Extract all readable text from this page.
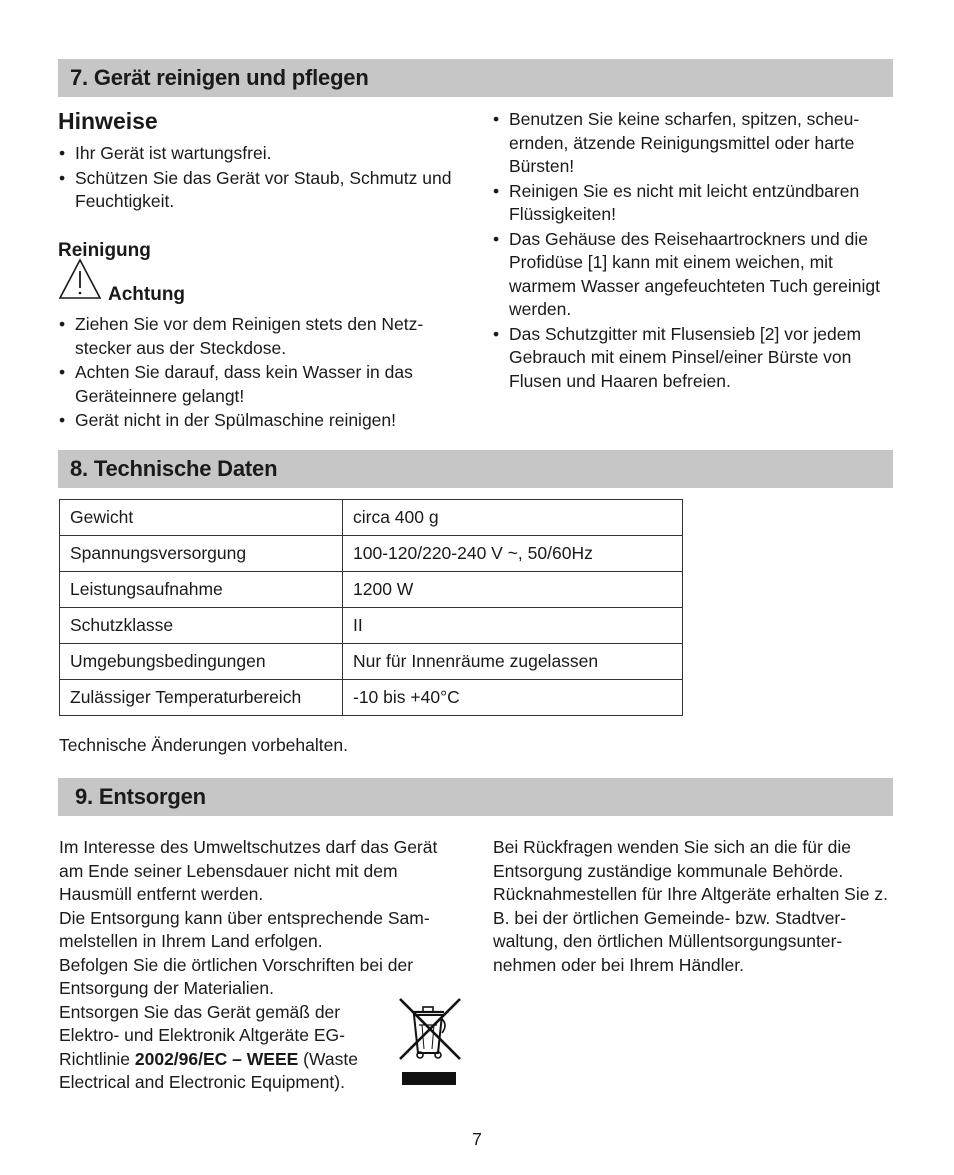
7. Gerät reinigen und pflegen
Hinweise
• Ihr Gerät ist wartungsfrei.
• Schützen Sie das Gerät vor Staub, Schmutz und Feuchtigkeit.
Reinigung
Achtung
• Ziehen Sie vor dem Reinigen stets den Netzstecker aus der Steckdose.
• Achten Sie darauf, dass kein Wasser in das Geräteinnere gelangt!
• Gerät nicht in der Spülmaschine reinigen!
• Benutzen Sie keine scharfen, spitzen, scheuernden, ätzende Reinigungsmittel oder harte Bürsten!
• Reinigen Sie es nicht mit leicht entzündbaren Flüssigkeiten!
• Das Gehäuse des Reisehaartrockners und die Profidüse [1] kann mit einem weichen, mit warmem Wasser angefeuchteten Tuch gereinigt werden.
• Das Schutzgitter mit Flusensieb [2] vor jedem Gebrauch mit einem Pinsel/einer Bürste von Flusen und Haaren befreien.
8. Technische Daten
Gewicht	circa 400 g
Spannungsversorgung	100-120/220-240 V ~, 50/60Hz
Leistungsaufnahme	1200 W
Schutzklasse	II
Umgebungsbedingungen	Nur für Innenräume zugelassen
Zulässiger Temperaturbereich	-10 bis +40°C
Technische Änderungen vorbehalten.
9. Entsorgen

Im Interesse des Umweltschutzes darf das Gerät am Ende seiner Lebensdauer nicht mit dem Hausmüll entfernt werden.

Die Entsorgung kann über entsprechende Sammelstellen in Ihrem Land erfolgen.

Befolgen Sie die örtlichen Vorschriften bei der Entsorgung der Materialien.

Entsorgen Sie das Gerät gemäß der Elektro- und Elektronik Altgeräte EG-Richtlinie 2002/96/EC – WEEE (Waste Electrical and Electronic Equipment).

Bei Rückfragen wenden Sie sich an die für die Entsorgung zuständige kommunale Behörde. Rücknahmestellen für Ihre Altgeräte erhalten Sie z. B. bei der örtlichen Gemeinde- bzw. Stadtverwaltung, den örtlichen Müllentsorgungsunternehmen oder bei Ihrem Händler.

7
